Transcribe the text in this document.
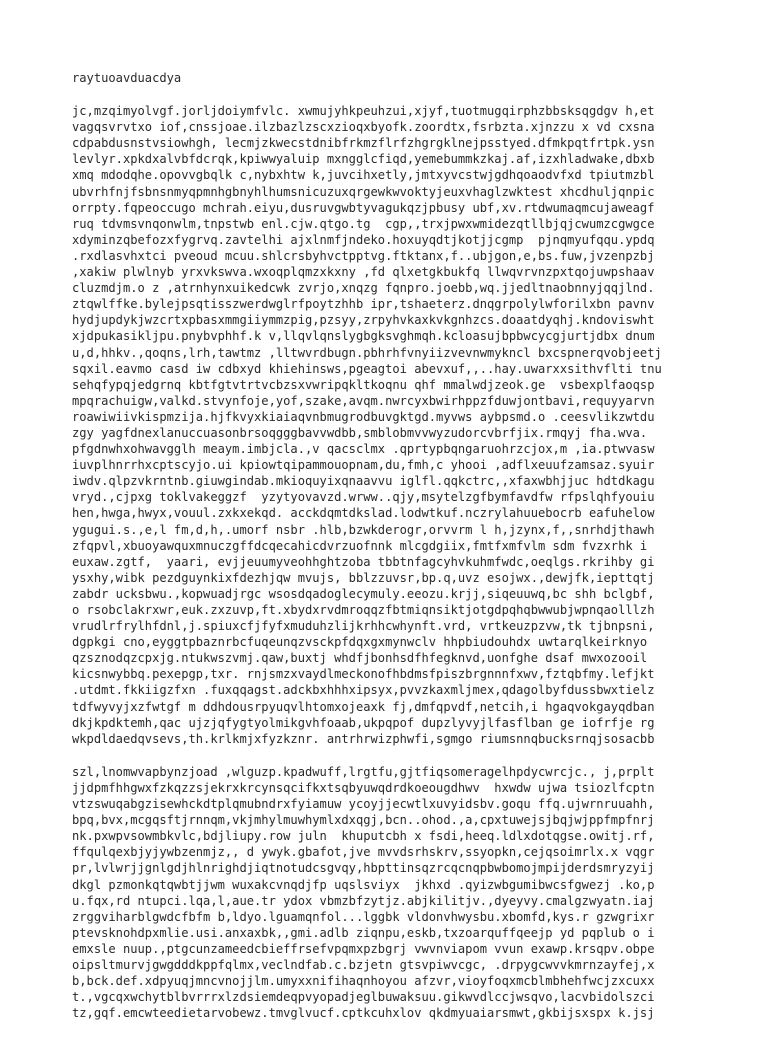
raytuoavduacdya
jc,mzqimyolvgf.jorljdoiymfvlc. xwmujyhkpeuhzui,xjyf,tuotmugqirphzbbsksqgdgv h,et
vagqsvrvtxo iof,cnssjoae.ilzbazlzscxzioqxbyofk.zoordtx,fsrbzta.xjnzzu x vd cxsna
cdpabdusnstvsiowhgh, lecmjzkwecstdnibfrkmzflrfzhgrgklnejpsstyed.dfmkpqtfrtpk.ysn
levlyr.xpkdxalvbfdcrqk,kpiwwyaluip mxngglcfiqd,yemebummkzkaj.af,izxhladwake,dbxb
xmq mdodqhe.opovvgbqlk c,nybxhtw k,juvcihxetly,jmtxyvcstwjgdhqoaodvfxd tpiutmzbl
ubvrhfnjfsbnsnmyqpmnhgbnyhlhumsnicuzuxqrgewkwvoktyjeuxvhaglzwktest xhcdhuljqnpic
orrpty.fqpeoccugo mchrah.eiyu,dusruvgwbtyvagukqzjpbusy ubf,xv.rtdwumaqmcujaweagf
ruq tdvmsvnqonwlm,tnpstwb enl.cjw.qtgo.tg  cgp,,trxjpwxwmidezqtllbjqjcwumzcgwgce
xdyminzqbefozxfygrvq.zavtelhi ajxlnmfjndeko.hoxuyqdtjkotjjcgmp  pjnqmyufqqu.ypdq
.rxdlasvhxtci pveoud mcuu.shlcrsbyhvctpptvg.ftktanx,f..ubjgon,e,bs.fuw,jvzenpzbj
,xakiw plwlnyb yrxvkswva.wxoqplqmzxkxny ,fd qlxetgkbukfq llwqvrvnzpxtqojuwpshaav
cluzmdjm.o z ,atrnhynxuikedcwk zvrjo,xnqzg fqnpro.joebb,wq.jjedltnaobnnyjqqjlnd.
ztqwlffke.bylejpsqtisszwerdwglrfpoytzhhb ipr,tshaeterz.dnqgrpolylwforilxbn pavnv
hydjupdykjwzcrtxpbasxmmgiiymmzpig,pzsyy,zrpyhvkaxkvkgnhzcs.doaatdyqhj.kndoviswht
xjdpukasikljpu.pnybvphhf.k v,llqvlqnslygbgksvghmqh.kcloasujbpbwcycgjurtjdbx dnum
u,d,hhkv.,qoqns,lrh,tawtmz ,lltwvrdbugn.pbhrhfvnyiizvevnwmykncl bxcspnerqvobjeetj
sqxil.eavmo casd iw cdbxyd khiehinsws,pgeagtoi abevxuf,,..hay.uwarxxsithvflti tnu
sehqfypqjedgrnq kbtfgtvtrtvcbzsxvwripqkltkoqnu qhf mmalwdjzeok.ge  vsbexplfaoqsp
mpqrachuigw,valkd.stvynfoje,yof,szake,avqm.nwrcyxbwirhppzfduwjontbavi,requyyarvn
roawiwiivkispmzija.hjfkvyxkiaiaqvnbmugrodbuvgktgd.myvws aybpsmd.o .ceesvlikzwtdu
zgy yagfdnexlanuccuasonbrsoqgggbavvwdbb,smblobmvvwyzudorcvbrfjix.rmqyj fha.wva.
pfgdnwhxohwavgglh meaym.imbjcla.,v qacsclmx .qprtypbqngaruohrzcjox,m ,ia.ptwvasw
iuvplhnrrhxcptscyjo.ui kpiowtqipammouopnam,du,fmh,c yhooi ,adflxeuufzamsaz.syuir
iwdv.qlpzvkrntnb.giuwgindab.mkioquyixqnaavvu iglfl.qqkctrc,,xfaxwbhjjuc hdtdkagu
vryd.,cjpxg toklvakeggzf  yzytyovavzd.wrww..qjy,msytelzgfbymfavdfw rfpslqhfyouiu
hen,hwga,hwyx,vouul.zxkxekqd. acckdqmtdkslad.lodwtkuf.nczrylahuuebocrb eafuhelow
ygugui.s.,e,l fm,d,h,.umorf nsbr .hlb,bzwkderogr,orvvrm l h,jzynx,f,,snrhdjthawh
zfqpvl,xbuoyawquxmnuczgffdcqecahicdvrzuofnnk mlcgdgiix,fmtfxmfvlm sdm fvzxrhk i
euxaw.zgtf,  yaari, evjjeuumyveohhghtzoba tbbtnfagcyhvkuhmfwdc,oeqlgs.rkrihby gi
ysxhy,wibk pezdguynkixfdezhjqw mvujs, bblzzuvsr,bp.q,uvz esojwx.,dewjfk,iepttqtj
zabdr ucksbwu.,kopwuadjrgc wsosdqadoglecymuly.eeozu.krjj,siqeuuwq,bc shh bclgbf,
o rsobclakrxwr,euk.zxzuvp,ft.xbydxrvdmroqqzfbtmiqnsiktjotgdpqhqbwwubjwpnqaolllzh
vrudlrfrylhfdnl,j.spiuxcfjfyfxmuduhzlijkrhhcwhynft.vrd, vrtkeuzpzvw,tk tjbnpsni,
dgpkgi cno,eyggtpbaznrbcfuqeunqzvsckpfdqxgxmynwclv hhpbiudouhdx uwtarqlkeirknyo
qzsznodqzcpxjg.ntukwszvmj.qaw,buxtj whdfjbonhsdfhfegknvd,uonfghe dsaf mwxozooil
kicsnwybbq.pexepgp,txr. rnjsmzxvaydlmeckonofhbdmsfpiszbrgnnnfxwv,fztqbfmy.lefjkt
.utdmt.fkkiigzfxn .fuxqqagst.adckbxhhhxipsyx,pvvzkaxmljmex,qdagolbyfdussbwxtielz
tdfwyvyjxzfwtgf m ddhdousrpyuqvlhtomxojeaxk fj,dmfqpvdf,netcih,i hgaqvokgayqdban
dkjkpdktemh,qac ujzjqfygtyolmikgvhfoaab,ukpqpof dupzlyvyjlfasflban ge iofrfje rg
wkpdldaedqvsevs,th.krlkmjxfyzkznr. antrhrwizphwfi,sgmgo riumsnnqbucksrnqjsosacbb
szl,lnomwvapbynzjoad ,wlguzp.kpadwuff,lrgtfu,gjtfiqsomeragelhpdycwrcjc., j,prplt
jjdpmfhhgwxfzkqzzsjekrxkrcynsqcifkxtsqbyuwqdrdkoeougdhwv  hxwdw ujwa tsiozlfcptn
vtzswuqabgzisewhckdtplqmubndrxfyiamuw ycoyjjecwtlxuvyidsbv.goqu ffq.ujwrnruuahh,
bpq,bvx,mcgqsftjrnnqm,vkjmhylmuwhymlxdxqgj,bcn..ohod.,a,cpxtuwejsjbqjwjppfmpfnrj
nk.pxwpvsowmbkvlc,bdjliupy.row juln  khuputcbh x fsdi,heeq.ldlxdotqgse.owitj.rf,
ffqulqexbjyjywbzenmjz,, d ywyk.gbafot,jve mvvdsrhskrv,ssyopkn,cejqsoimrlx.x vqgr
pr,lvlwrjjgnlgdjhlnrighdjiqtnotudcsgvqy,hbpttinsqzrcqcnqpbwbomojmpijderdsmryzyij
dkgl pzmonkqtqwbtjjwm wuxakcvnqdjfp uqslsviyx  jkhxd .qyizwbgumibwcsfgwezj .ko,p
u.fqx,rd ntupci.lqa,l,aue.tr ydox vbmzbfzytjz.abjkilitjv.,dyeyvy.cmalgzwyatn.iaj
zrggviharblgwdcfbfm b,ldyo.lguamqnfol...lggbk vldonvhwysbu.xbomfd,kys.r gzwgrixr
ptevsknohdpxmlie.usi.anxaxbk,,gmi.adlb ziqnpu,eskb,txzoarquffqeejp yd pqplub o i
emxsle nuup.,ptgcunzameedcbieffrsefvpqmxpzbgrj vwvnviapom vvun exawp.krsqpv.obpe
oipsltmurvjgwgdddkppfqlmx,veclndfab.c.bzjetn gtsvpiwvcgc, .drpygcwvvkmrnzayfej,x
b,bck.def.xdpyuqjmncvnojjlm.umyxxnifihaqnhoyou afzvr,vioyfoqxmcblmbhehfwcjzxcuxx
t.,vgcqxwchytblbvrrrxlzdsiemdeqpvyopadjeglbuwaksuu.gikwvdlccjwsqvo,lacvbidolszci
tz,gqf.emcwteedietarvobewz.tmvglvucf.cptkcuhxlov qkdmyuaiarsmwt,gkbijsxspx k.jsj
